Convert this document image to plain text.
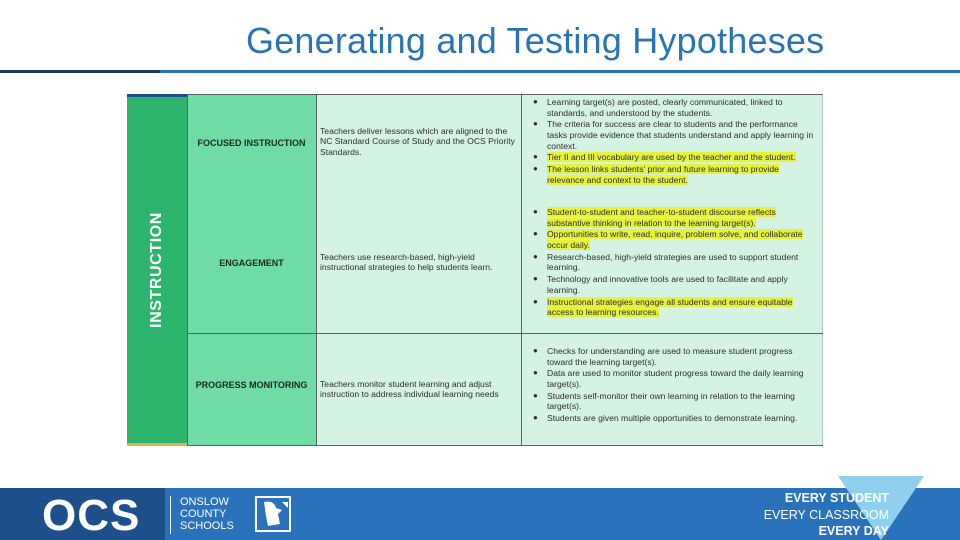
Generating and Testing Hypotheses
INSTRUCTION
FOCUSED INSTRUCTION
Teachers deliver lessons which are aligned to the NC Standard Course of Study and the OCS Priority Standards.
● Learning target(s) are posted, clearly communicated, linked to standards, and understood by the students.
● The criteria for success are clear to students and the performance tasks provide evidence that students understand and apply learning in context.
● Tier II and III vocabulary are used by the teacher and the student.
● The lesson links students' prior and future learning to provide relevance and context to the student.
ENGAGEMENT
Teachers use research-based, high-yield instructional strategies to help students learn.
● Student-to-student and teacher-to-student discourse reflects substantive thinking in relation to the learning target(s).
● Opportunities to write, read, inquire, problem solve, and collaborate occur daily.
● Research-based, high-yield strategies are used to support student learning.
● Technology and innovative tools are used to facilitate and apply learning.
● Instructional strategies engage all students and ensure equitable access to learning resources.
PROGRESS MONITORING	Teachers monitor student learning and adjust instruction to address individual learning needs
● Checks for understanding are used to measure student progress toward the learning target(s).
● Data are used to monitor student progress toward the daily learning target(s).
● Students self-monitor their own learning in relation to the learning target(s).
● Students are given multiple opportunities to demonstrate learning.
OCS	ONSLOW
COUNTY
SCHOOLS
EVERY STUDENT
EVERY CLASSROOM
EVERY DAY
